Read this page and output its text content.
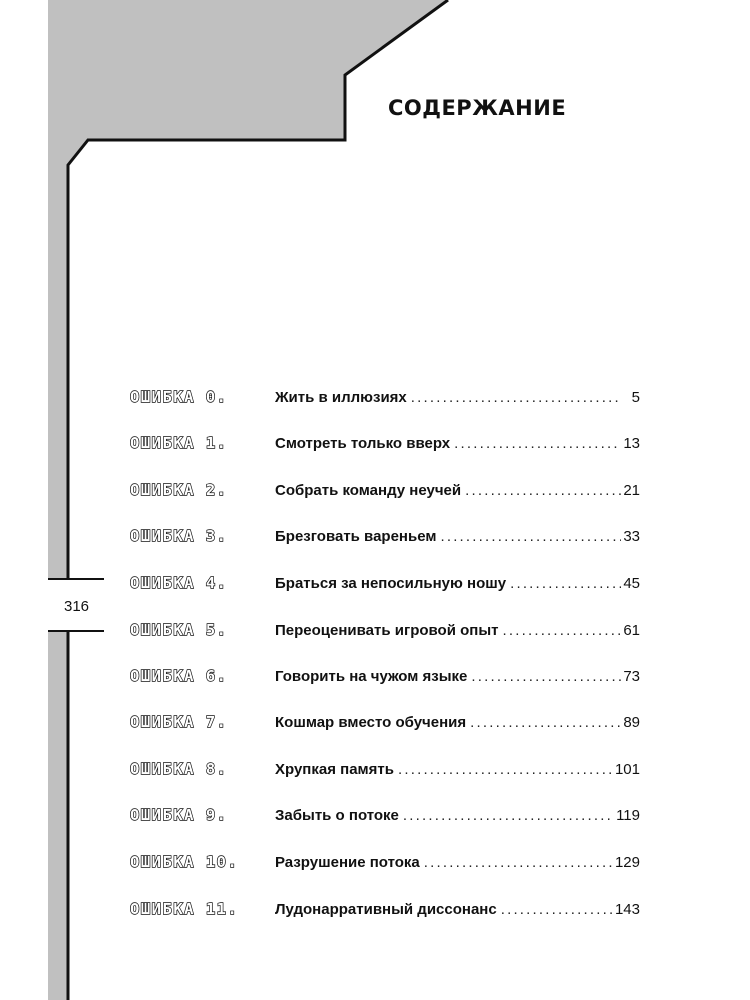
СОДЕРЖАНИЕ
316
ОШИБКА 0.	Жить в иллюзиях .....	5
ОШИБКА 1.	Смотреть только вверх .....	13
ОШИБКА 2.	Собрать команду неучей .....	21
ОШИБКА 3.	Брезговать вареньем .....	33
ОШИБКА 4.	Браться за непосильную ношу .....	45
ОШИБКА 5.	Переоценивать игровой опыт .....	61
ОШИБКА 6.	Говорить на чужом языке .....	73
ОШИБКА 7.	Кошмар вместо обучения .....	89
ОШИБКА 8.	Хрупкая память .....	101
ОШИБКА 9.	Забыть о потоке .....	119
ОШИБКА 10. Разрушение потока .....	129
ОШИБКА 11. Лудонарративный диссонанс .....	143
